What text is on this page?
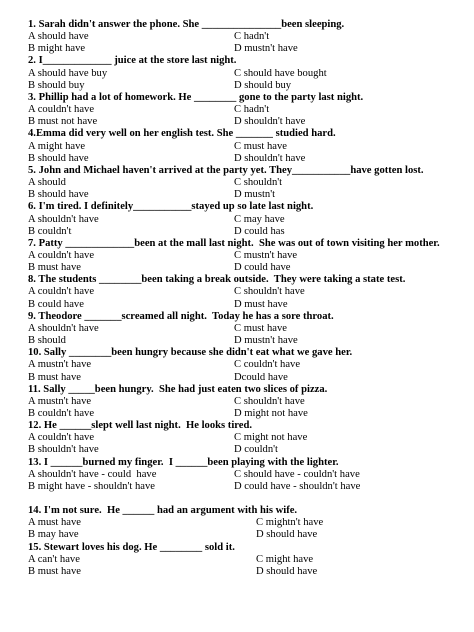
1. Sarah didn't answer the phone. She _______________been sleeping.
A should have	C hadn't
B might have	D mustn't have
2. I_____________ juice at the store last night.
A should have buy	C should have bought
B should buy	D should buy
3. Phillip had a lot of homework. He ________ gone to the party last night.
A couldn't have	C hadn't
B must not have	D shouldn't have
4.Emma did very well on her english test. She _______ studied hard.
A might have	C must have
B should have	D shouldn't have
5. John and Michael haven't arrived at the party yet. They___________have gotten lost.
A should	C shouldn't
B should have	D mustn't
6. I'm tired. I definitely___________stayed up so late last night.
A shouldn't have	C may have
B couldn't	D could has
7. Patty _____________been at the mall last night.  She was out of town visiting her mother.
A couldn't have	C mustn't have
B must have	D could have
8. The students ________been taking a break outside.  They were taking a state test.
A couldn't have	C shouldn't have
B could have	D must have
9. Theodore _______screamed all night.  Today he has a sore throat.
A shouldn't have	C must have
B should	D mustn't have
10. Sally ________been hungry because she didn't eat what we gave her.
A mustn't have	C couldn't have
B must have	Dcould have
11. Sally _____been hungry.  She had just eaten two slices of pizza.
A mustn't have	C shouldn't have
B couldn't have	D might not have
12. He ______slept well last night.  He looks tired.
A couldn't have	C might not have
B shouldn't have	D couldn't
13. I ______burned my finger.  I ______been playing with the lighter.
A shouldn't have - could  have	C should have - couldn't have
B might have - shouldn't have	D could have - shouldn't have
14. I'm not sure.  He ______ had an argument with his wife.
A must have	C mightn't have
B may have	D should have
15. Stewart loves his dog. He ________ sold it.
A can't have	C might have
B must have	D should have
